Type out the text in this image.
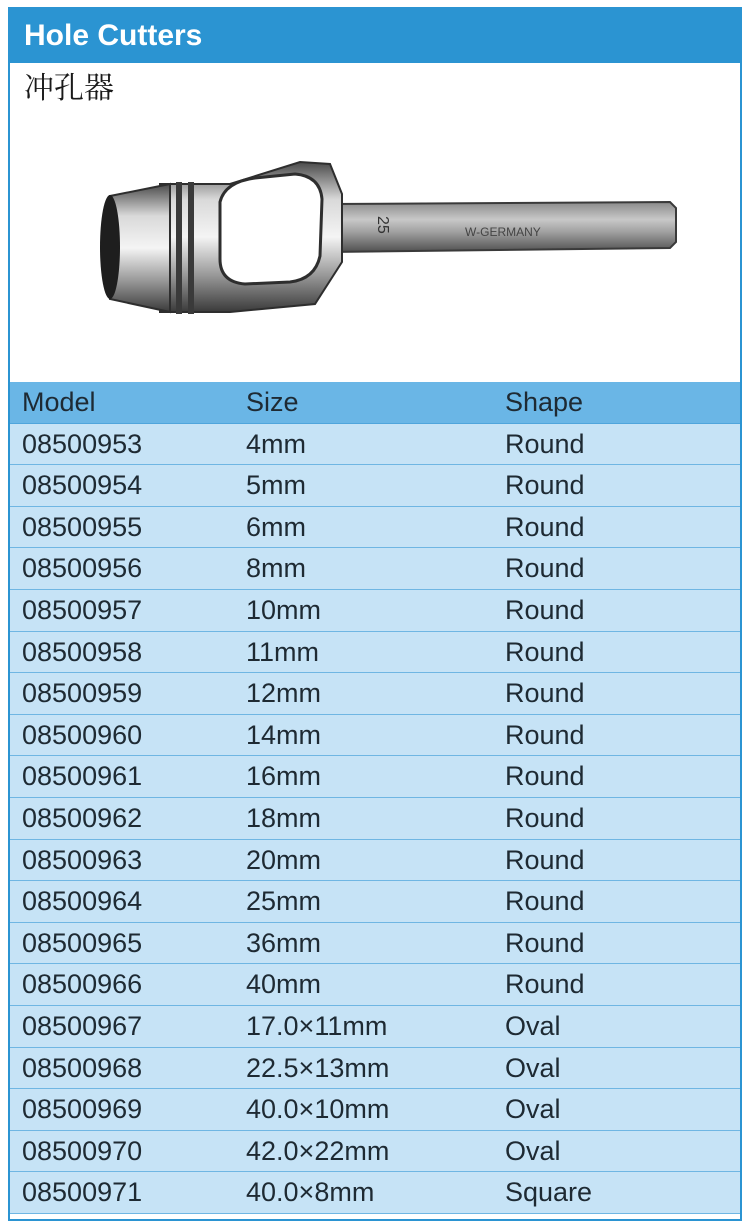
Hole Cutters
冲孔器
25	W-GERMANY
Model	Size	Shape
08500953	4mm	Round
08500954	5mm	Round
08500955	6mm	Round
08500956	8mm	Round
08500957	10mm	Round
08500958	11mm	Round
08500959	12mm	Round
08500960	14mm	Round
08500961	16mm	Round
08500962	18mm	Round
08500963	20mm	Round
08500964	25mm	Round
08500965	36mm	Round
08500966	40mm	Round
08500967	17.0×11mm	Oval
08500968	22.5×13mm	Oval
08500969	40.0×10mm	Oval
08500970	42.0×22mm	Oval
08500971	40.0×8mm	Square
